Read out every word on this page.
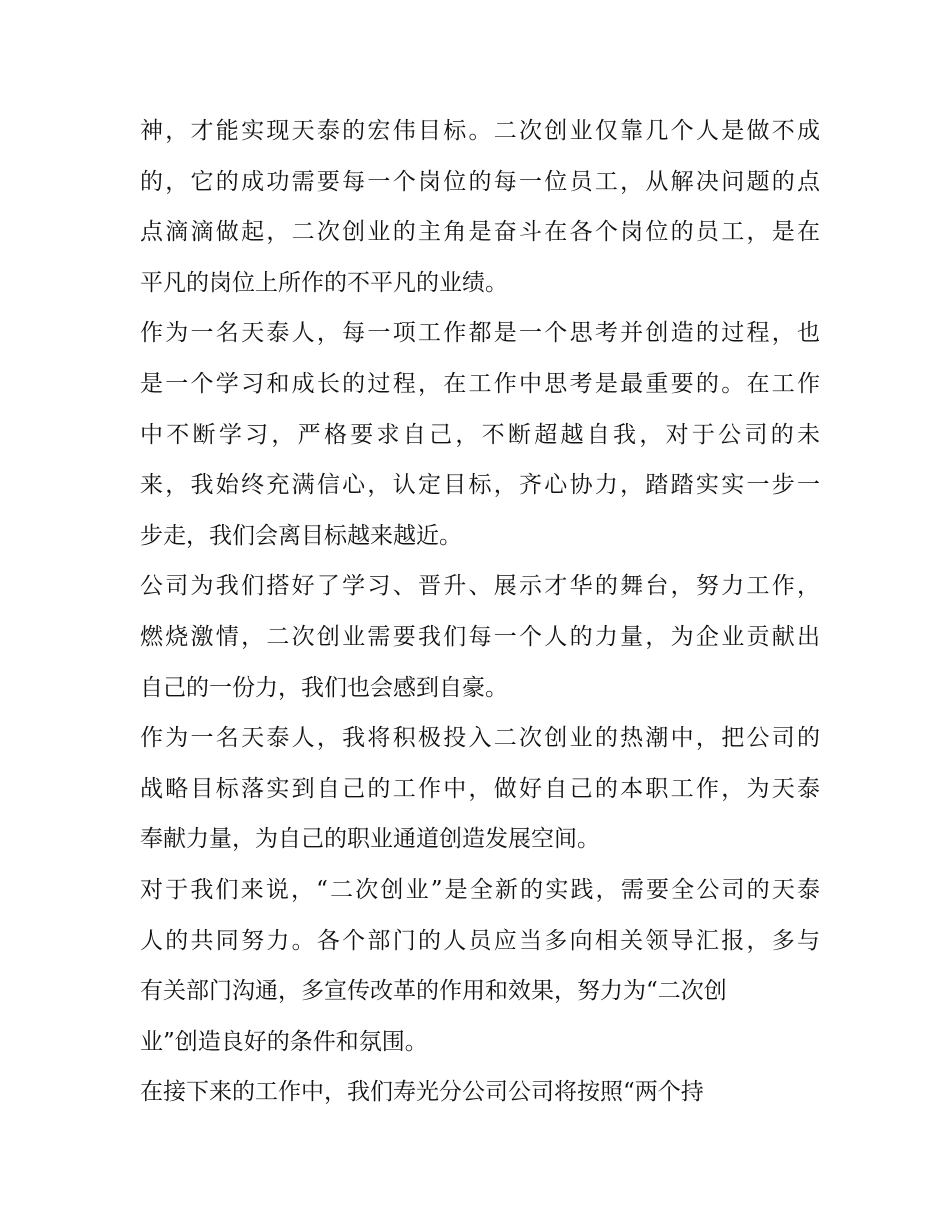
神，才能实现天泰的宏伟目标。二次创业仅靠几个人是做不成
的，它的成功需要每一个岗位的每一位员工，从解决问题的点
点滴滴做起，二次创业的主角是奋斗在各个岗位的员工，是在
平凡的岗位上所作的不平凡的业绩。
作为一名天泰人，每一项工作都是一个思考并创造的过程，也
是一个学习和成长的过程，在工作中思考是最重要的。在工作
中不断学习，严格要求自己，不断超越自我，对于公司的未
来，我始终充满信心，认定目标，齐心协力，踏踏实实一步一
步走，我们会离目标越来越近。
公司为我们搭好了学习、晋升、展示才华的舞台，努力工作，
燃烧激情，二次创业需要我们每一个人的力量，为企业贡献出
自己的一份力，我们也会感到自豪。
作为一名天泰人，我将积极投入二次创业的热潮中，把公司的
战略目标落实到自己的工作中，做好自己的本职工作，为天泰
奉献力量，为自己的职业通道创造发展空间。
对于我们来说，“二次创业”是全新的实践，需要全公司的天泰
人的共同努力。各个部门的人员应当多向相关领导汇报，多与
有关部门沟通，多宣传改革的作用和效果，努力为“二次创
业”创造良好的条件和氛围。
在接下来的工作中，我们寿光分公司公司将按照“两个持
